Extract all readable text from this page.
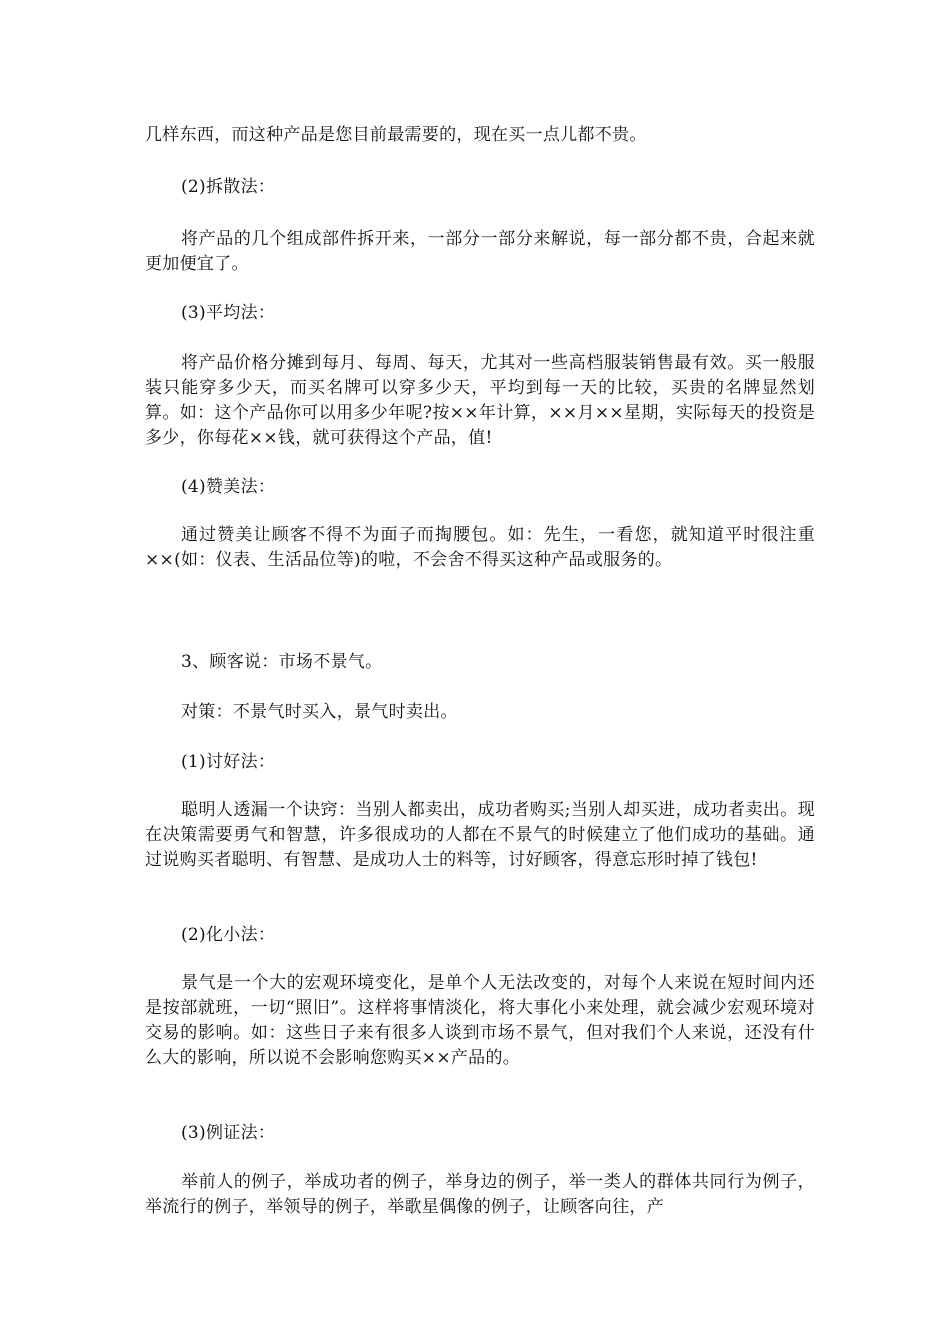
几样东西，而这种产品是您目前最需要的，现在买一点儿都不贵。

(2)拆散法：

将产品的几个组成部件拆开来，一部分一部分来解说，每一部分都不贵，合起来就更加便宜了。

(3)平均法：

将产品价格分摊到每月、每周、每天，尤其对一些高档服装销售最有效。买一般服装只能穿多少天，而买名牌可以穿多少天，平均到每一天的比较，买贵的名牌显然划算。如：这个产品你可以用多少年呢?按××年计算，××月××星期，实际每天的投资是多少，你每花××钱，就可获得这个产品，值!

(4)赞美法：

通过赞美让顾客不得不为面子而掏腰包。如：先生，一看您，就知道平时很注重××(如：仪表、生活品位等)的啦，不会舍不得买这种产品或服务的。

3、顾客说：市场不景气。

对策：不景气时买入，景气时卖出。

(1)讨好法：

聪明人透漏一个诀窍：当别人都卖出，成功者购买;当别人却买进，成功者卖出。现在决策需要勇气和智慧，许多很成功的人都在不景气的时候建立了他们成功的基础。通过说购买者聪明、有智慧、是成功人士的料等，讨好顾客，得意忘形时掉了钱包!

(2)化小法：

景气是一个大的宏观环境变化，是单个人无法改变的，对每个人来说在短时间内还是按部就班，一切“照旧”。这样将事情淡化，将大事化小来处理，就会减少宏观环境对交易的影响。如：这些日子来有很多人谈到市场不景气，但对我们个人来说，还没有什么大的影响，所以说不会影响您购买××产品的。

(3)例证法：

举前人的例子，举成功者的例子，举身边的例子，举一类人的群体共同行为例子，举流行的例子，举领导的例子，举歌星偶像的例子，让顾客向往，产
